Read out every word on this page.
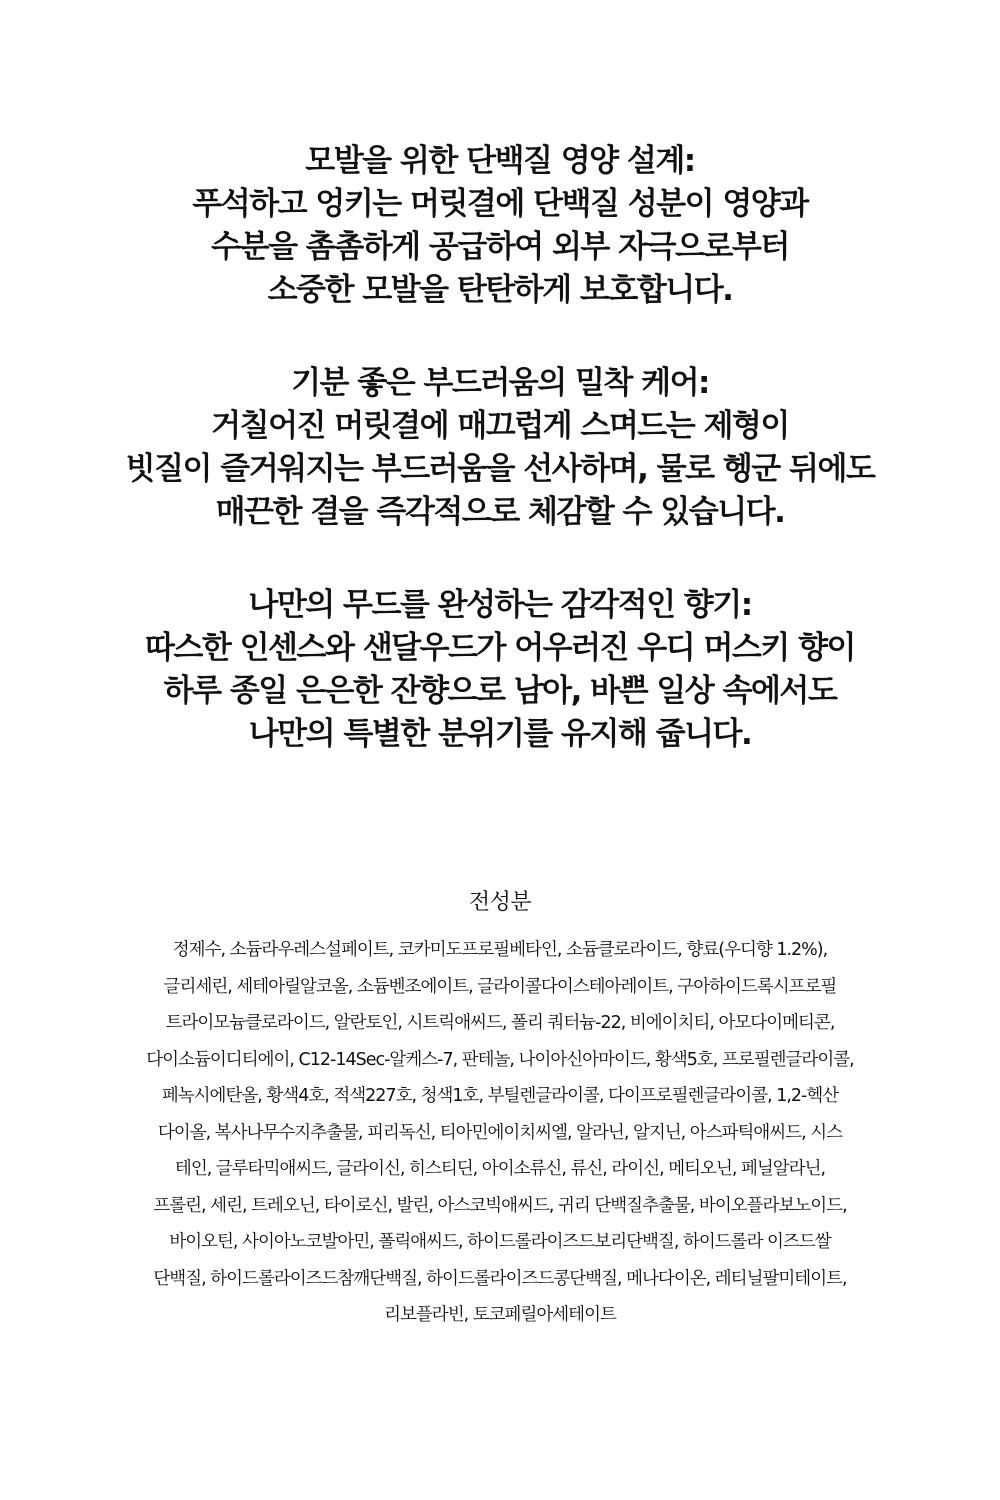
모발을 위한 단백질 영양 설계:
푸석하고 엉키는 머릿결에 단백질 성분이 영양과
수분을 촘촘하게 공급하여 외부 자극으로부터
소중한 모발을 탄탄하게 보호합니다.
기분 좋은 부드러움의 밀착 케어:
거칠어진 머릿결에 매끄럽게 스며드는 제형이
빗질이 즐거워지는 부드러움을 선사하며, 물로 헹군 뒤에도
매끈한 결을 즉각적으로 체감할 수 있습니다.
나만의 무드를 완성하는 감각적인 향기:
따스한 인센스와 샌달우드가 어우러진 우디 머스키 향이
하루 종일 은은한 잔향으로 남아, 바쁜 일상 속에서도
나만의 특별한 분위기를 유지해 줍니다.
전성분
정제수, 소듐라우레스설페이트, 코카미도프로필베타인, 소듐클로라이드, 향료(우디향 1.2%),
글리세린, 세테아릴알코올, 소듐벤조에이트, 글라이콜다이스테아레이트, 구아하이드록시프로필
트라이모늄클로라이드, 알란토인, 시트릭애씨드, 폴리 쿼터늄-22, 비에이치티, 아모다이메티콘,
다이소듐이디티에이, C12-14Sec-알케스-7, 판테놀, 나이아신아마이드, 황색5호, 프로필렌글라이콜,
페녹시에탄올, 황색4호, 적색227호, 청색1호, 부틸렌글라이콜, 다이프로필렌글라이콜, 1,2-헥산
다이올, 복사나무수지추출물, 피리독신, 티아민에이치씨엘, 알라닌, 알지닌, 아스파틱애씨드, 시스
테인, 글루타믹애씨드, 글라이신, 히스티딘, 아이소류신, 류신, 라이신, 메티오닌, 페닐알라닌,
프롤린, 세린, 트레오닌, 타이로신, 발린, 아스코빅애씨드, 귀리 단백질추출물, 바이오플라보노이드,
바이오틴, 사이아노코발아민, 폴릭애씨드, 하이드롤라이즈드보리단백질, 하이드롤라 이즈드쌀
단백질, 하이드롤라이즈드참깨단백질, 하이드롤라이즈드콩단백질, 메나다이온, 레티닐팔미테이트,
리보플라빈, 토코페릴아세테이트
